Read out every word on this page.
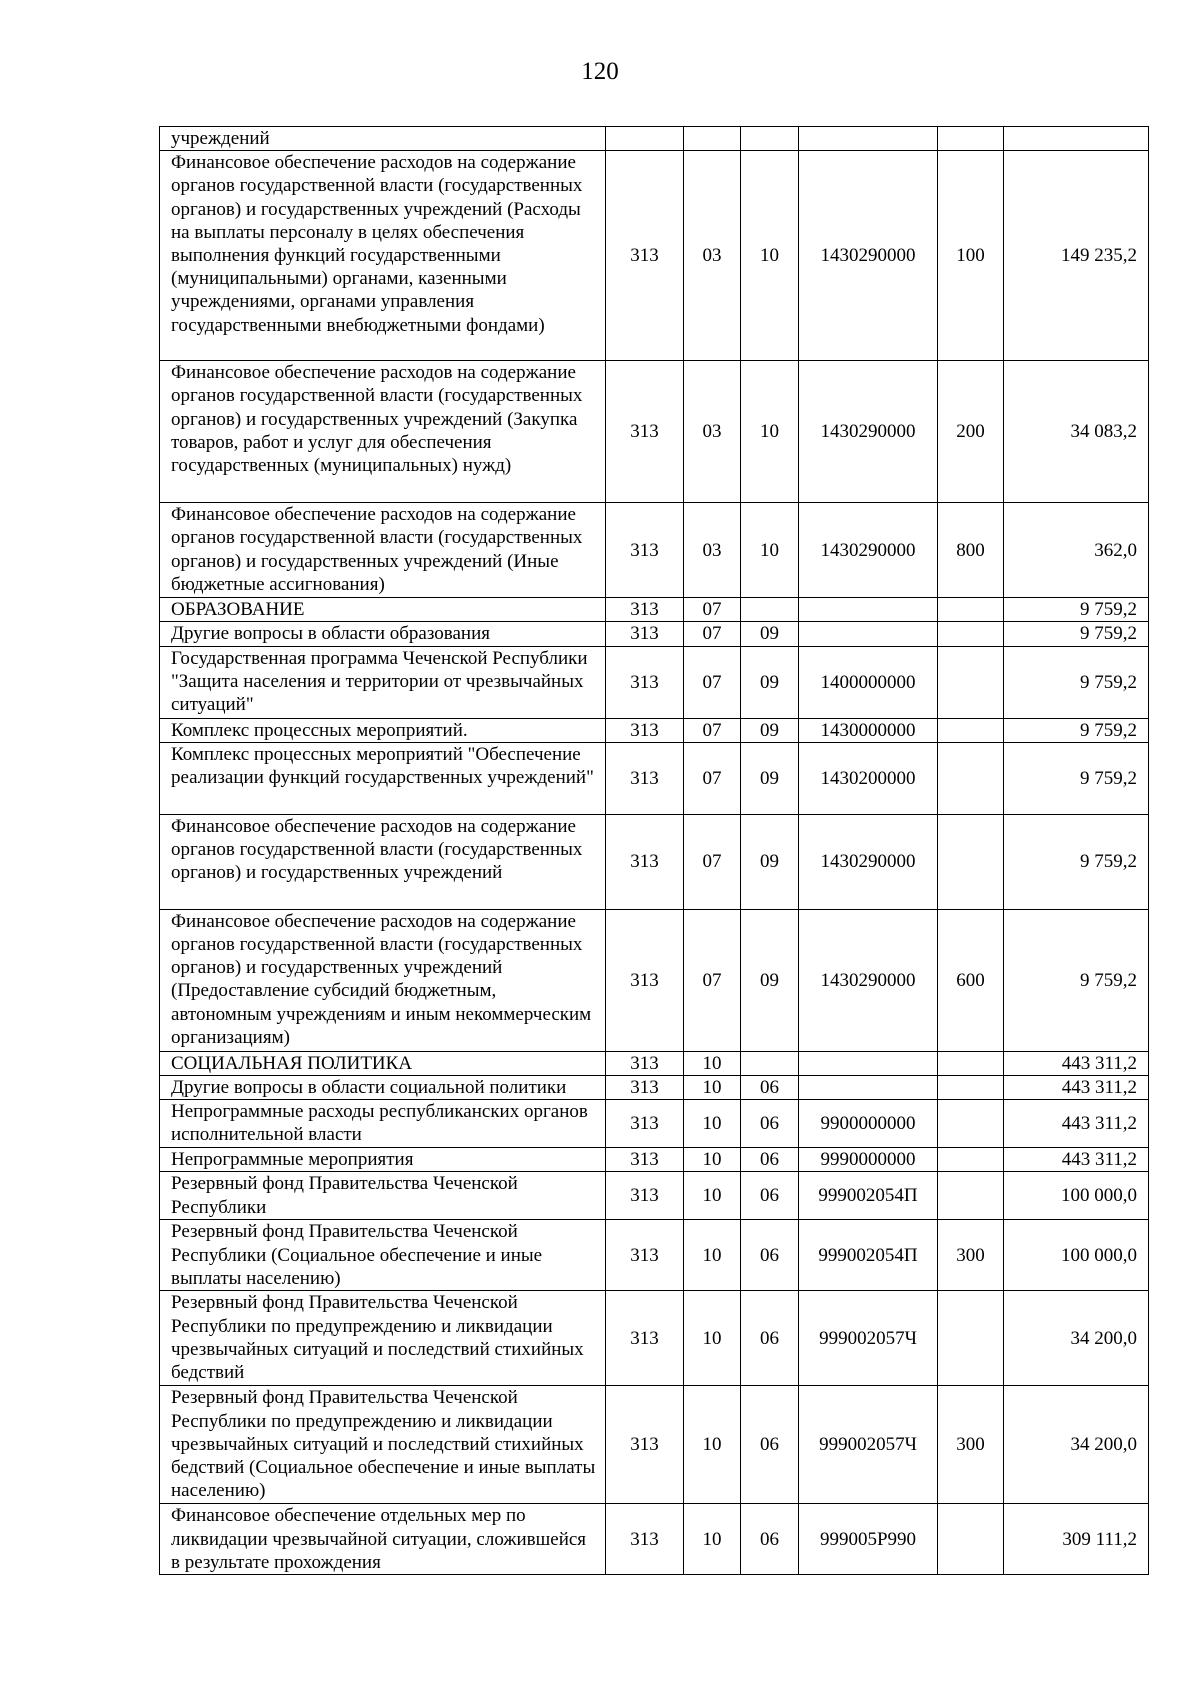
120
учреждений						
Финансовое обеспечение расходов на содержание органов государственной власти (государственных органов) и государственных учреждений (Расходы на выплаты персоналу в целях обеспечения выполнения функций государственными (муниципальными) органами, казенными учреждениями, органами управления государственными внебюджетными фондами)	313	03	10	1430290000	100	149 235,2
Финансовое обеспечение расходов на содержание органов государственной власти (государственных органов) и государственных учреждений (Закупка товаров, работ и услуг для обеспечения государственных (муниципальных) нужд)	313	03	10	1430290000	200	34 083,2
Финансовое обеспечение расходов на содержание органов государственной власти (государственных органов) и государственных учреждений (Иные бюджетные ассигнования)	313	03	10	1430290000	800	362,0
ОБРАЗОВАНИЕ	313	07				9 759,2
Другие вопросы в области образования	313	07	09			9 759,2
Государственная программа Чеченской Республики "Защита населения и территории от чрезвычайных ситуаций"	313	07	09	1400000000		9 759,2
Комплекс процессных мероприятий.	313	07	09	1430000000		9 759,2
Комплекс процессных мероприятий "Обеспечение реализации функций государственных учреждений"	313	07	09	1430200000		9 759,2
Финансовое обеспечение расходов на содержание органов государственной власти (государственных органов) и государственных учреждений	313	07	09	1430290000		9 759,2
Финансовое обеспечение расходов на содержание органов государственной власти (государственных органов) и государственных учреждений (Предоставление субсидий бюджетным, автономным учреждениям и иным некоммерческим организациям)	313	07	09	1430290000	600	9 759,2
СОЦИАЛЬНАЯ ПОЛИТИКА	313	10				443 311,2
Другие вопросы в области социальной политики	313	10	06			443 311,2
Непрограммные расходы республиканских органов исполнительной власти	313	10	06	9900000000		443 311,2
Непрограммные мероприятия	313	10	06	9990000000		443 311,2
Резервный фонд Правительства Чеченской Республики	313	10	06	999002054П		100 000,0
Резервный фонд Правительства Чеченской Республики (Социальное обеспечение и иные выплаты населению)	313	10	06	999002054П	300	100 000,0
Резервный фонд Правительства Чеченской Республики по предупреждению и ликвидации чрезвычайных ситуаций и последствий стихийных бедствий	313	10	06	999002057Ч		34 200,0
Резервный фонд Правительства Чеченской Республики по предупреждению и ликвидации чрезвычайных ситуаций и последствий стихийных бедствий (Социальное обеспечение и иные выплаты населению)	313	10	06	999002057Ч	300	34 200,0
Финансовое обеспечение отдельных мер по ликвидации чрезвычайной ситуации, сложившейся в результате прохождения	313	10	06	999005Р990		309 111,2
